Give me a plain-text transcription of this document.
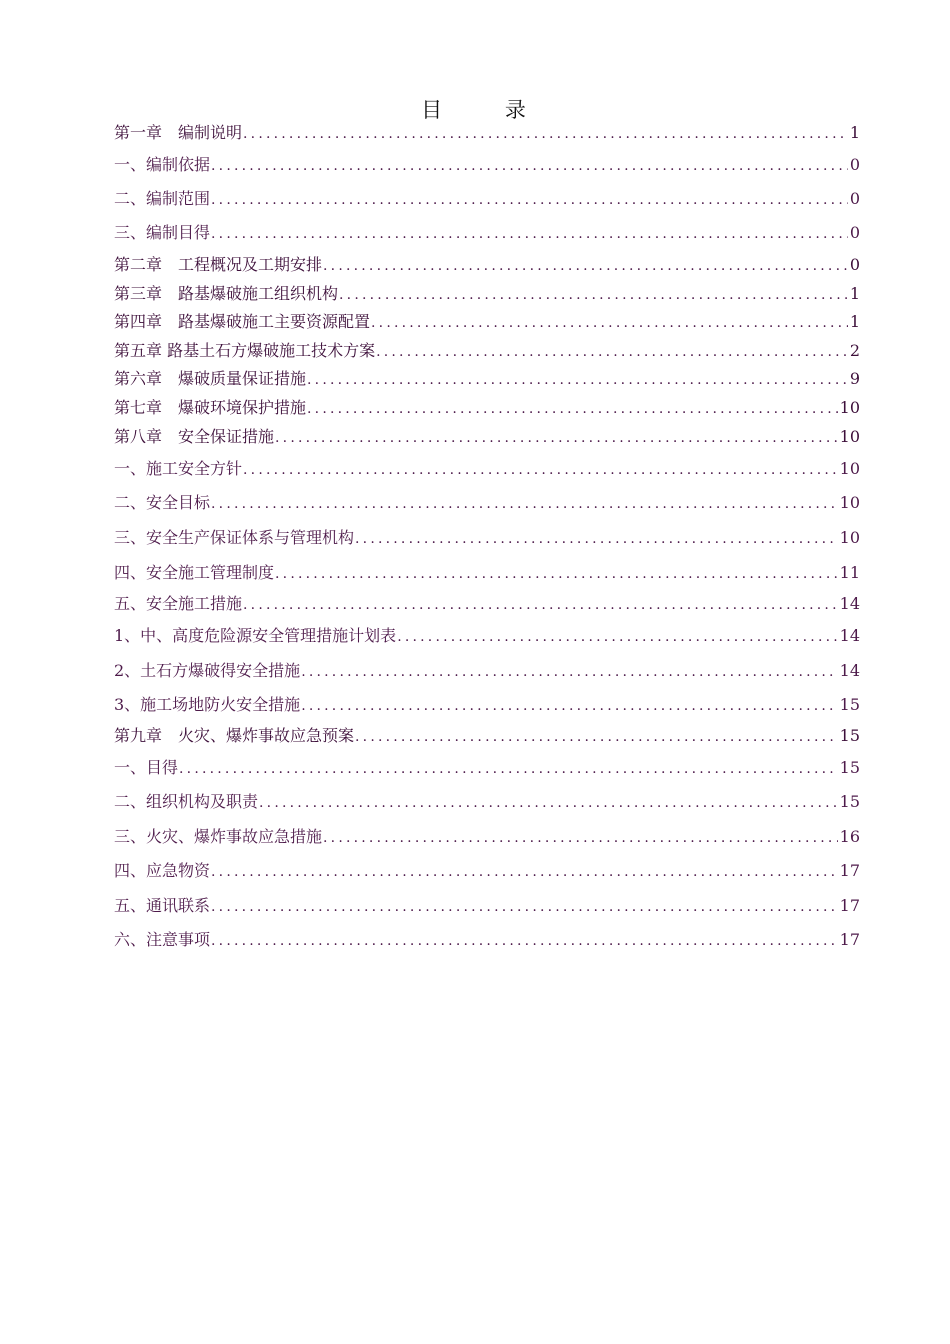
目 录
第一章　编制说明 .....	1
一、编制依据 .....	0
二、编制范围 .....	0
三、编制目得 .....	0
第二章　工程概况及工期安排 .....	0
第三章　路基爆破施工组织机构 .....	1
第四章　路基爆破施工主要资源配置 .....	1
第五章 路基土石方爆破施工技术方案 .....	2
第六章　爆破质量保证措施 .....	9
第七章　爆破环境保护措施 .....	10
第八章　安全保证措施 .....	10
一、施工安全方针 .....	10
二、安全目标 .....	10
三、安全生产保证体系与管理机构 .....	10
四、安全施工管理制度 .....	11
五、安全施工措施 .....	14
1、中、高度危险源安全管理措施计划表 .....	14
2、土石方爆破得安全措施 .....	14
3、施工场地防火安全措施 .....	15
第九章　火灾、爆炸事故应急预案 .....	15
一、目得 .....	15
二、组织机构及职责 .....	15
三、火灾、爆炸事故应急措施 .....	16
四、应急物资 .....	17
五、通讯联系 .....	17
六、注意事项 .....	17
